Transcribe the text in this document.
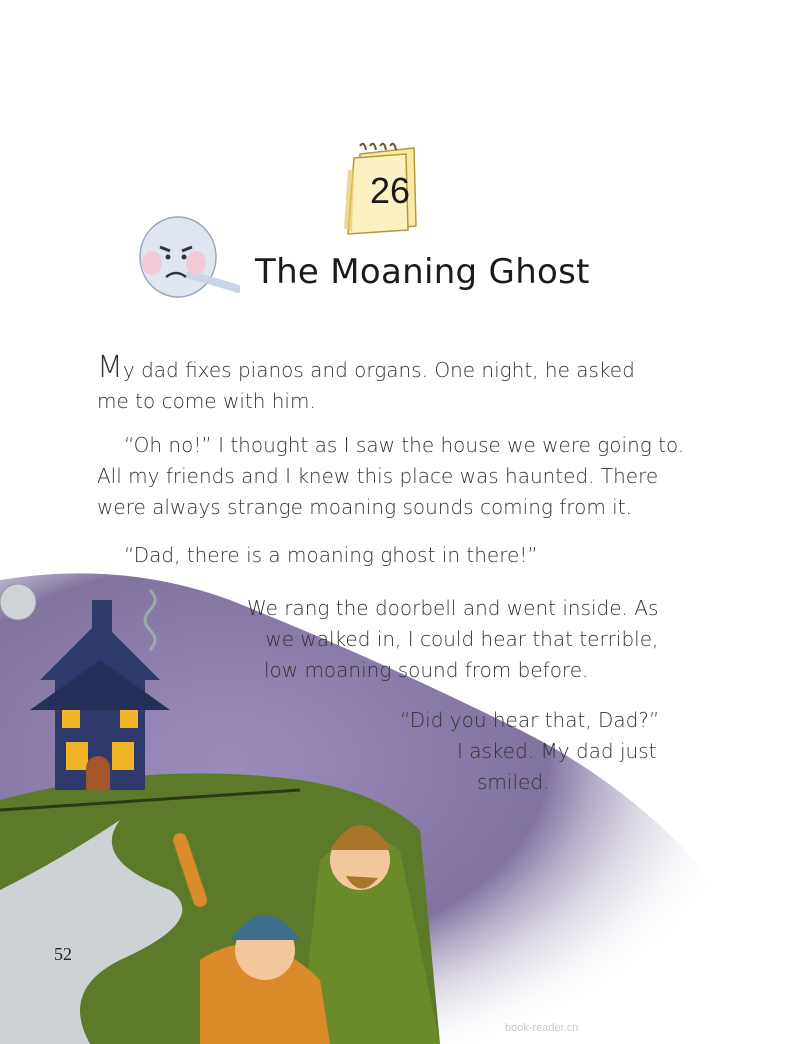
26
The Moaning Ghost
My dad fixes pianos and organs. One night, he asked
me to come with him.
“Oh no!” I thought as I saw the house we were going to.
All my friends and I knew this place was haunted. There
were always strange moaning sounds coming from it.
“Dad, there is a moaning ghost in there!”
We rang the doorbell and went inside. As
we walked in, I could hear that terrible,
low moaning sound from before.
“Did you hear that, Dad?”
I asked. My dad just
smiled.
52
book-reader.cn
